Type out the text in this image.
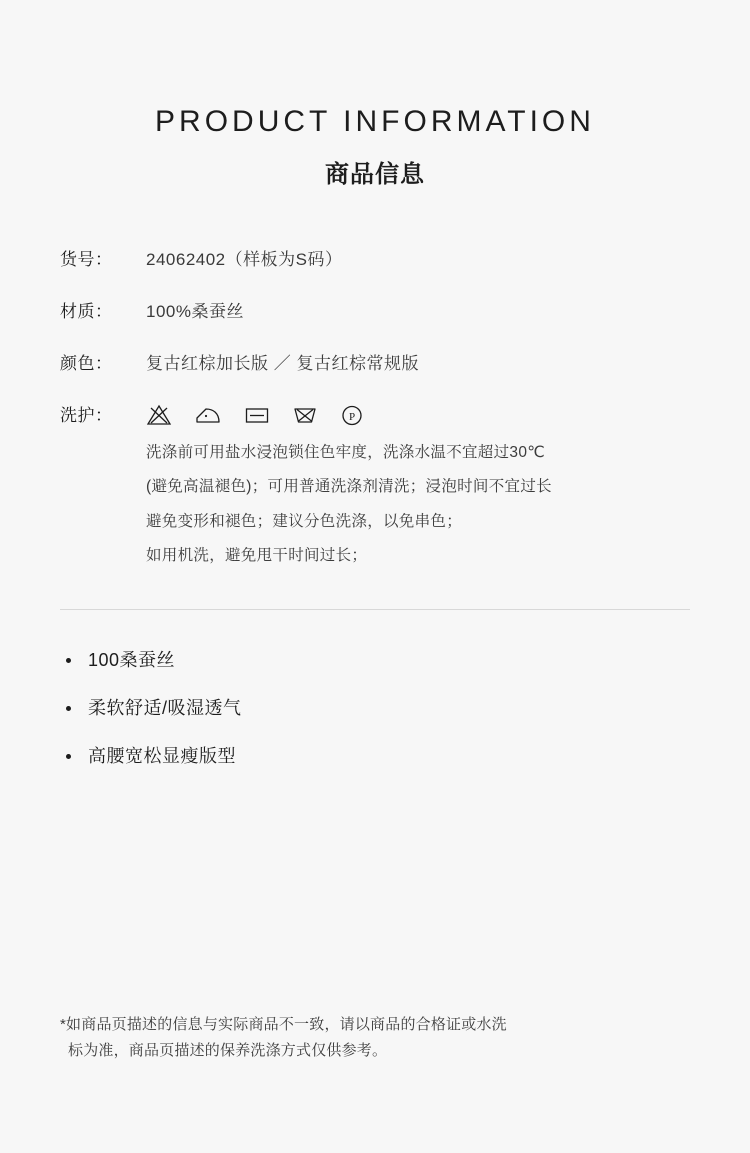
PRODUCT INFORMATION
商品信息
货号：	24062402（样板为S码）
材质：	100%桑蚕丝
颜色：	复古红棕加长版 ／ 复古红棕常规版
洗护：	P

洗涤前可用盐水浸泡锁住色牢度，洗涤水温不宜超过30℃

(避免高温褪色)；可用普通洗涤剂清洗；浸泡时间不宜过长

避免变形和褪色；建议分色洗涤，以免串色；

如用机洗，避免甩干时间过长；

100桑蚕丝
柔软舒适/吸湿透气
高腰宽松显瘦版型

*如商品页描述的信息与实际商品不一致，请以商品的合格证或水洗

标为准，商品页描述的保养洗涤方式仅供参考。
